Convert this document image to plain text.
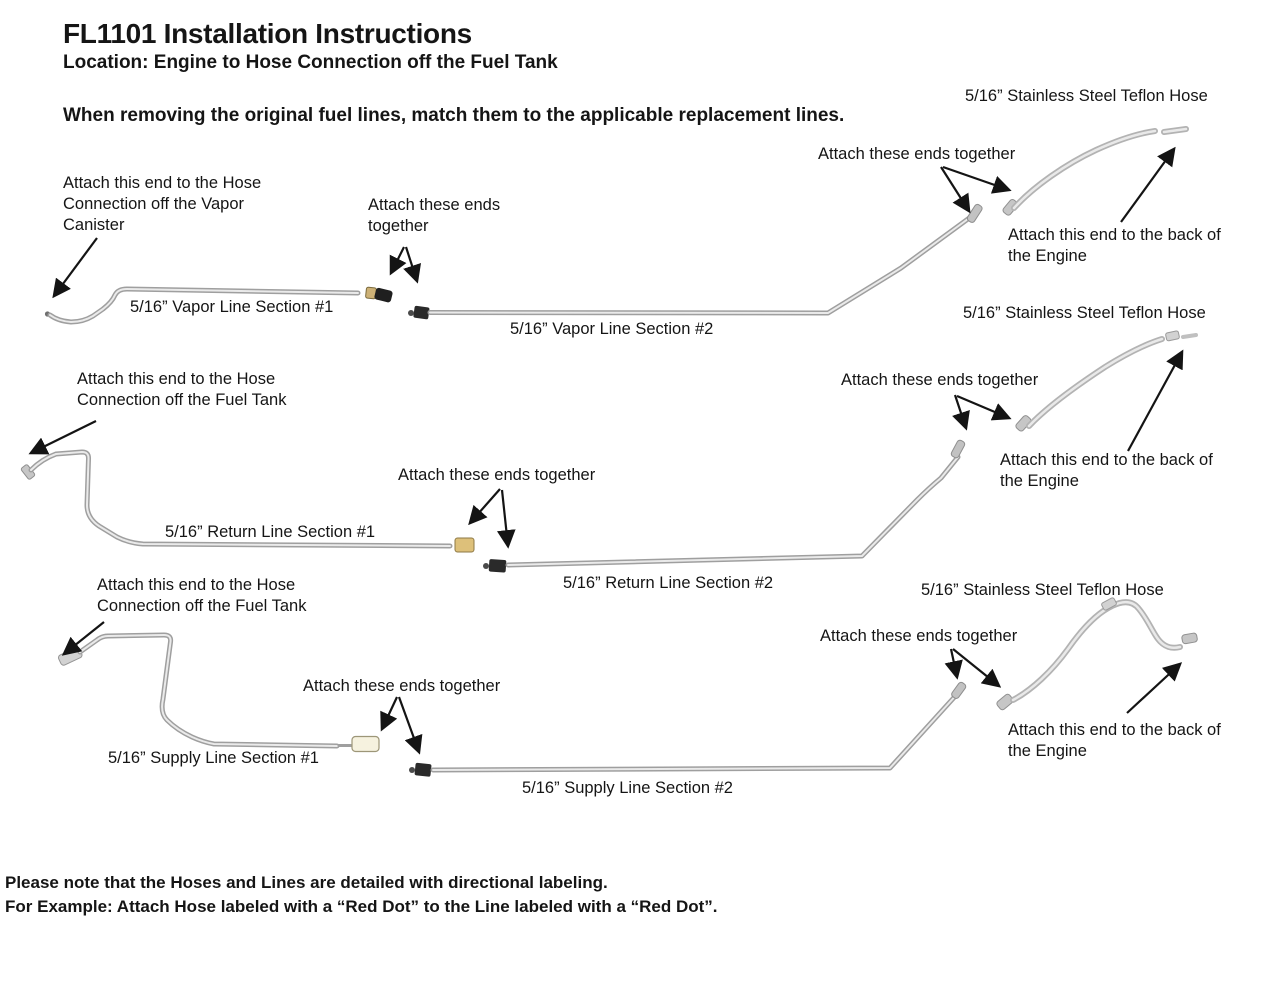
FL1101 Installation Instructions
Location: Engine to Hose Connection off the Fuel Tank
When removing the original fuel lines, match them to the applicable replacement lines.
Attach this end to the Hose Connection off the Vapor Canister
Attach these ends together
5/16” Vapor Line Section #1
5/16” Vapor Line Section #2
5/16” Stainless Steel Teflon Hose
Attach these ends together
Attach this end to the back of the Engine
Attach this end to the Hose Connection off the Fuel Tank
Attach these ends together
5/16” Return Line Section #1
5/16” Return Line Section #2
5/16” Stainless Steel Teflon Hose
Attach these ends together
Attach this end to the back of the Engine
Attach this end to the Hose Connection off the Fuel Tank
Attach these ends together
5/16” Supply Line Section #1
5/16” Supply Line Section #2
5/16” Stainless Steel Teflon Hose
Attach these ends together
Attach this end to the back of the Engine
Please note that the Hoses and Lines are detailed with directional labeling.
For Example: Attach Hose labeled with a “Red Dot” to the Line labeled with a “Red Dot”.
